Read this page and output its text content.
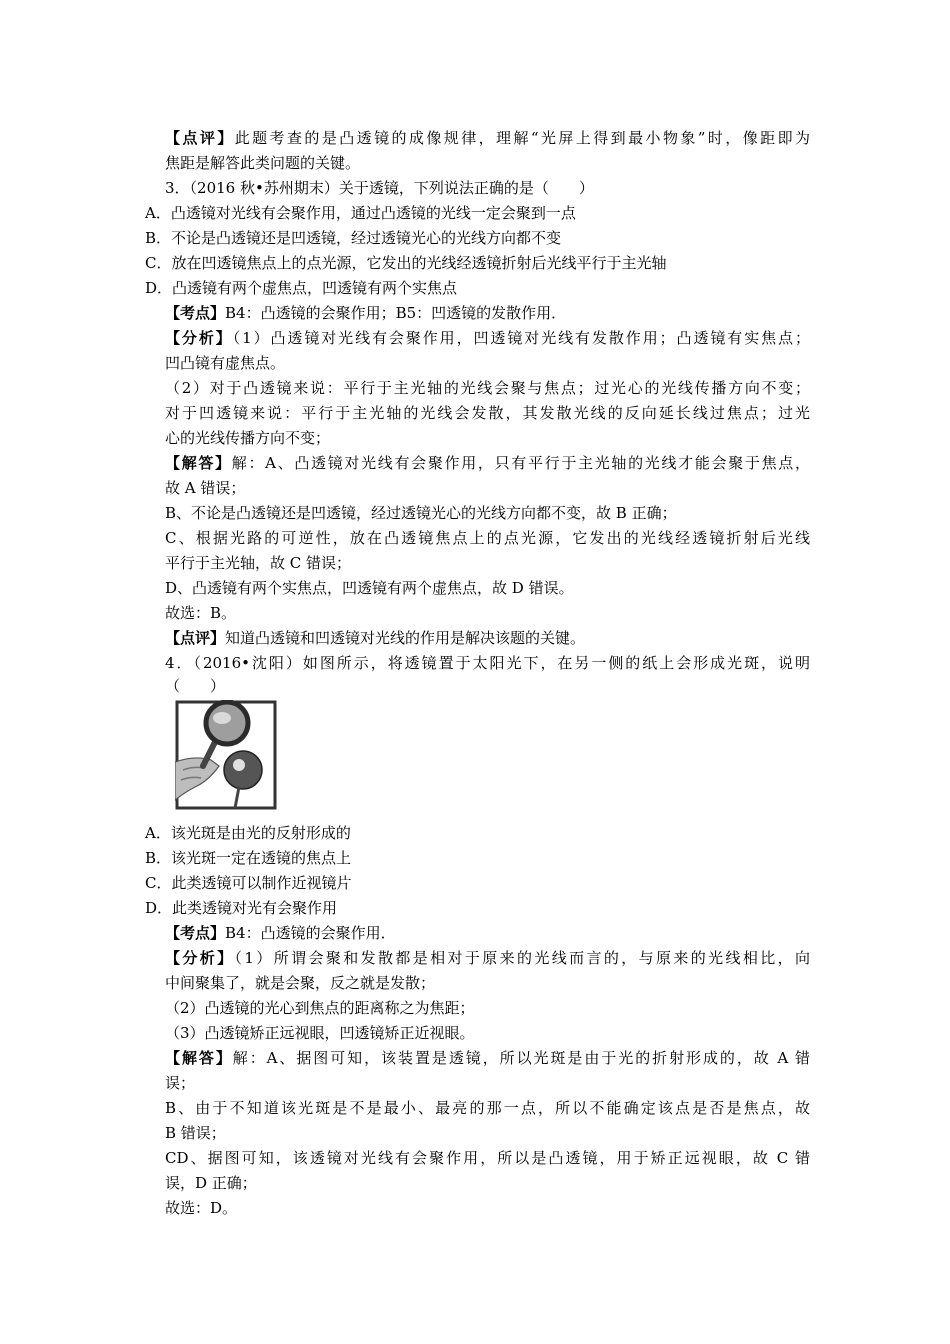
【点评】此题考查的是凸透镜的成像规律，理解“光屏上得到最小物象”时，像距即为
焦距是解答此类问题的关键。
3．（2016 秋•苏州期末）关于透镜，下列说法正确的是（　　）
A．凸透镜对光线有会聚作用，通过凸透镜的光线一定会聚到一点
B．不论是凸透镜还是凹透镜，经过透镜光心的光线方向都不变
C．放在凹透镜焦点上的点光源，它发出的光线经透镜折射后光线平行于主光轴
D．凸透镜有两个虚焦点，凹透镜有两个实焦点
【考点】B4：凸透镜的会聚作用；B5：凹透镜的发散作用．
【分析】（1）凸透镜对光线有会聚作用，凹透镜对光线有发散作用；凸透镜有实焦点；
凹凸镜有虚焦点。
（2）对于凸透镜来说：平行于主光轴的光线会聚与焦点；过光心的光线传播方向不变；
对于凹透镜来说：平行于主光轴的光线会发散，其发散光线的反向延长线过焦点；过光
心的光线传播方向不变；
【解答】解：A、凸透镜对光线有会聚作用，只有平行于主光轴的光线才能会聚于焦点，
故 A 错误；
B、不论是凸透镜还是凹透镜，经过透镜光心的光线方向都不变，故 B 正确；
C、根据光路的可逆性，放在凸透镜焦点上的点光源，它发出的光线经透镜折射后光线
平行于主光轴，故 C 错误；
D、凸透镜有两个实焦点，凹透镜有两个虚焦点，故 D 错误。
故选：B。
【点评】知道凸透镜和凹透镜对光线的作用是解决该题的关键。
4．（2016•沈阳）如图所示，将透镜置于太阳光下，在另一侧的纸上会形成光斑，说明
（　　）
A．该光斑是由光的反射形成的
B．该光斑一定在透镜的焦点上
C．此类透镜可以制作近视镜片
D．此类透镜对光有会聚作用
【考点】B4：凸透镜的会聚作用．
【分析】（1）所谓会聚和发散都是相对于原来的光线而言的，与原来的光线相比，向
中间聚集了，就是会聚，反之就是发散；
（2）凸透镜的光心到焦点的距离称之为焦距；
（3）凸透镜矫正远视眼，凹透镜矫正近视眼。
【解答】解：A、据图可知，该装置是透镜，所以光斑是由于光的折射形成的，故 A 错
误；
B、由于不知道该光斑是不是最小、最亮的那一点，所以不能确定该点是否是焦点，故
B 错误；
CD、据图可知，该透镜对光线有会聚作用，所以是凸透镜，用于矫正远视眼，故 C 错
误，D 正确；
故选：D。
